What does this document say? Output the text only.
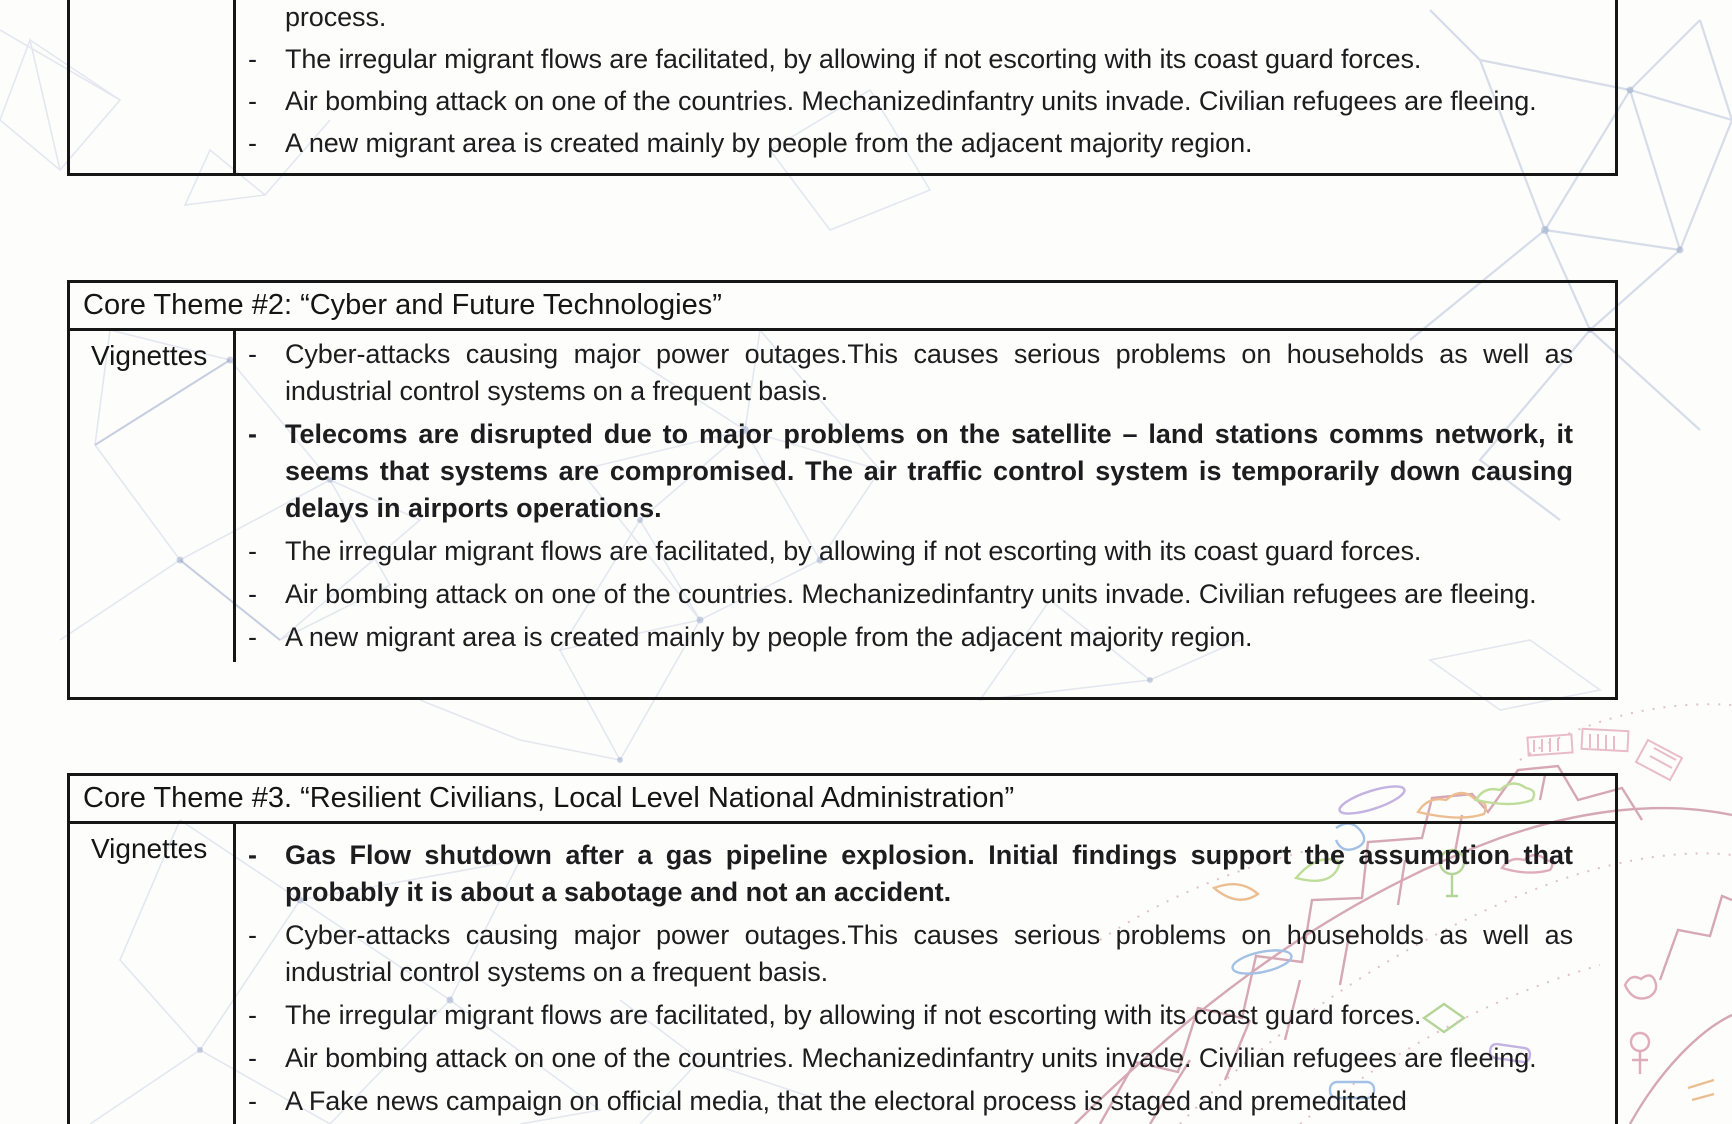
process.
-	The irregular migrant flows are facilitated, by allowing if not escorting with its coast guard forces.
-	Air bombing attack on one of the countries. Mechanizedinfantry units invade. Civilian refugees are fleeing.
-	A new migrant area is created mainly by people from the adjacent majority region.
Core Theme #2: “Cyber and Future Technologies”
Vignettes	-	Cyber-attacks causing major power outages.This causes serious problems on households as well as industrial control systems on a frequent basis.
-	Telecoms are disrupted due to major problems on the satellite – land stations comms network, it seems that systems are compromised. The air traffic control system is temporarily down causing delays in airports operations.
-	The irregular migrant flows are facilitated, by allowing if not escorting with its coast guard forces.
-	Air bombing attack on one of the countries. Mechanizedinfantry units invade. Civilian refugees are fleeing.
-	A new migrant area is created mainly by people from the adjacent majority region.
Core Theme #3. “Resilient Civilians, Local Level National Administration”
Vignettes	-	Gas Flow shutdown after a gas pipeline explosion. Initial findings support the assumption that probably it is about a sabotage and not an accident.
-	Cyber-attacks causing major power outages.This causes serious problems on households as well as industrial control systems on a frequent basis.
-	The irregular migrant flows are facilitated, by allowing if not escorting with its coast guard forces.
-	Air bombing attack on one of the countries. Mechanizedinfantry units invade. Civilian refugees are fleeing.
-	A Fake news campaign on official media, that the electoral process is staged and premeditated
